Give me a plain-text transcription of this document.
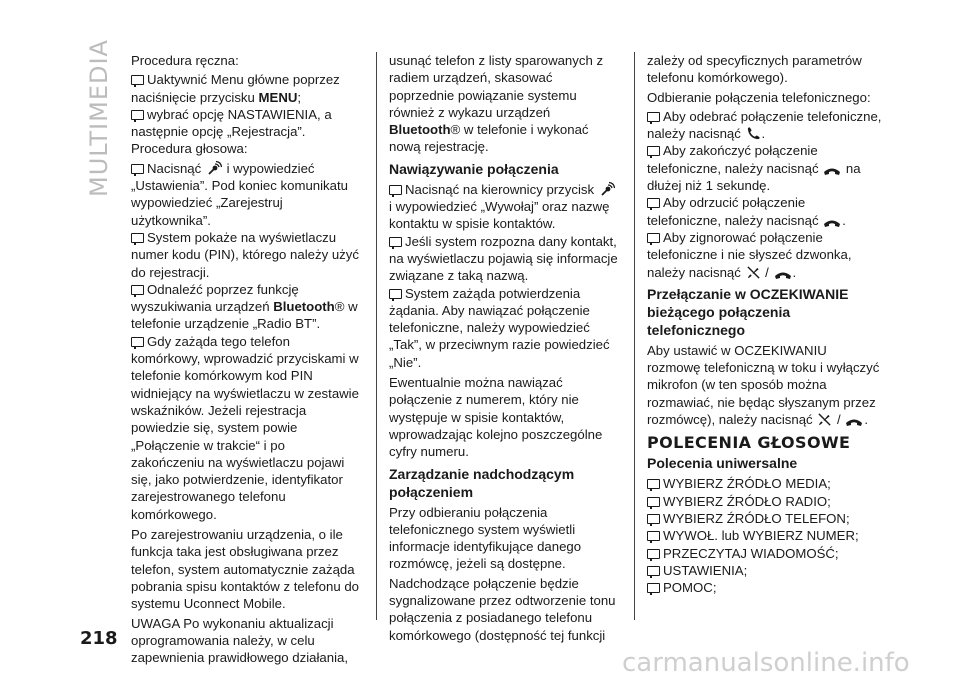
MULTIMEDIA Procedura ręczna:

Uaktywnić Menu główne poprzez naciśnięcie przycisku MENU;
wybrać opcję NASTAWIENIA, a następnie opcję „Rejestracja”.

Procedura głosowa:

Nacisnąć  i wypowiedzieć „Ustawienia”. Pod koniec komunikatu wypowiedzieć „Zarejestruj użytkownika”.
System pokaże na wyświetlaczu numer kodu (PIN), którego należy użyć do rejestracji.
Odnaleźć poprzez funkcję wyszukiwania urządzeń Bluetooth® w telefonie urządzenie „Radio BT”.
Gdy zażąda tego telefon komórkowy, wprowadzić przyciskami w telefonie komórkowym kod PIN widniejący na wyświetlaczu w zestawie wskaźników. Jeżeli rejestracja powiedzie się, system powie „Połączenie w trakcie“ i po zakończeniu na wyświetlaczu pojawi się, jako potwierdzenie, identyfikator zarejestrowanego telefonu komórkowego.

Po zarejestrowaniu urządzenia, o ile funkcja taka jest obsługiwana przez telefon, system automatycznie zażąda pobrania spisu kontaktów z telefonu do systemu Uconnect Mobile.

UWAGA Po wykonaniu aktualizacji oprogramowania należy, w celu zapewnienia prawidłowego działania,

usunąć telefon z listy sparowanych z radiem urządzeń, skasować poprzednie powiązanie systemu również z wykazu urządzeń Bluetooth® w telefonie i wykonać nową rejestrację.

Nawiązywanie połączenia
Nacisnąć na kierownicy przycisk  i wypowiedzieć „Wywołaj” oraz nazwę kontaktu w spisie kontaktów.
Jeśli system rozpozna dany kontakt, na wyświetlaczu pojawią się informacje związane z taką nazwą.
System zażąda potwierdzenia żądania. Aby nawiązać połączenie telefoniczne, należy wypowiedzieć „Tak”, w przeciwnym razie powiedzieć „Nie”.

Ewentualnie można nawiązać połączenie z numerem, który nie występuje w spisie kontaktów, wprowadzając kolejno poszczególne cyfry numeru.

Zarządzanie nadchodzącym połączeniem

Przy odbieraniu połączenia telefonicznego system wyświetli informacje identyfikujące danego rozmówcę, jeżeli są dostępne.

Nadchodzące połączenie będzie sygnalizowane przez odtworzenie tonu połączenia z posiadanego telefonu komórkowego (dostępność tej funkcji

zależy od specyficznych parametrów telefonu komórkowego).

Odbieranie połączenia telefonicznego:

Aby odebrać połączenie telefoniczne, należy nacisnąć .
Aby zakończyć połączenie telefoniczne, należy nacisnąć  na dłużej niż 1 sekundę.
Aby odrzucić połączenie telefoniczne, należy nacisnąć .
Aby zignorować połączenie telefoniczne i nie słyszeć dzwonka, należy nacisnąć  / .
Przełączanie w OCZEKIWANIE bieżącego połączenia telefonicznego

Aby ustawić w OCZEKIWANIU rozmowę telefoniczną w toku i wyłączyć mikrofon (w ten sposób można rozmawiać, nie będąc słyszanym przez rozmówcę), należy nacisnąć  / .

POLECENIA GŁOSOWE
Polecenia uniwersalne
WYBIERZ ŹRÓDŁO MEDIA;
WYBIERZ ŹRÓDŁO RADIO;
WYBIERZ ŹRÓDŁO TELEFON;
WYWOŁ. lub WYBIERZ NUMER;
PRZECZYTAJ WIADOMOŚĆ;
USTAWIENIA;
POMOC;
218
carmanualsonline.info
